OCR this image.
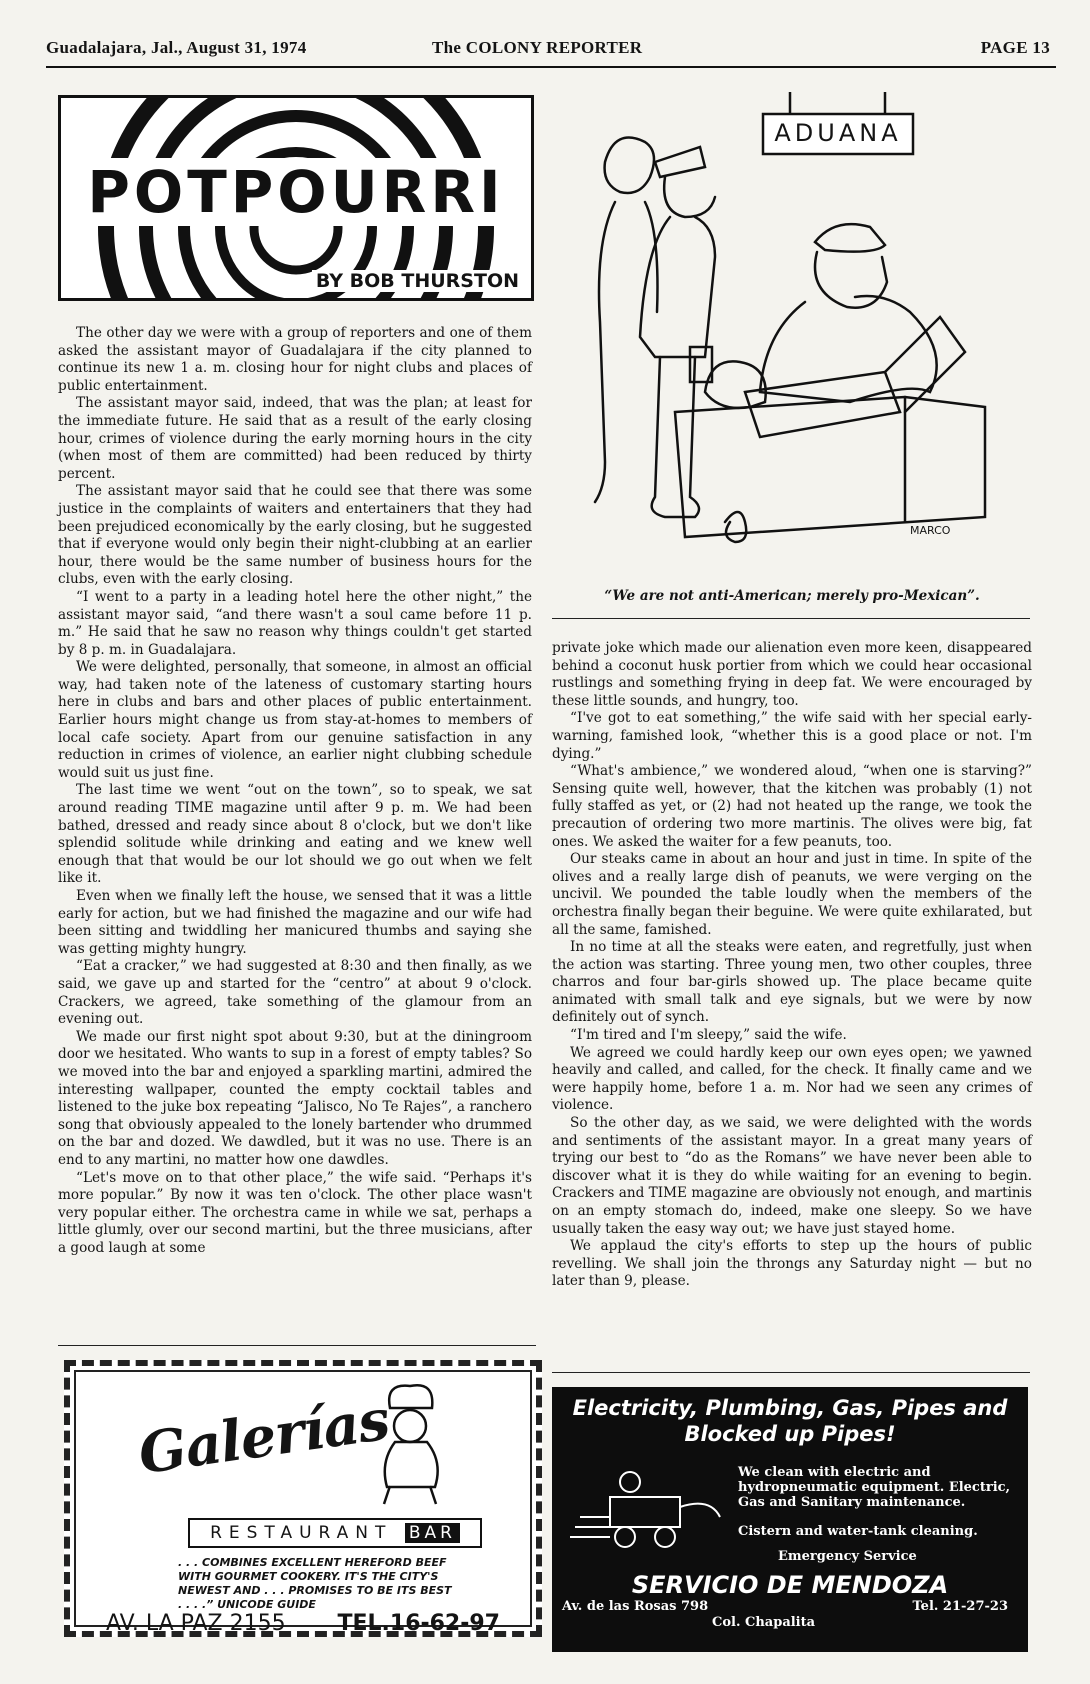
Guadalajara, Jal., August 31, 1974	The COLONY REPORTER	PAGE 13
POTPOURRI
BY BOB THURSTON

The other day we were with a group of reporters and one of them asked the assistant mayor of Guadalajara if the city planned to continue its new 1 a. m. closing hour for night clubs and places of public entertainment.

The assistant mayor said, indeed, that was the plan; at least for the immediate future. He said that as a result of the early closing hour, crimes of violence during the early morning hours in the city (when most of them are committed) had been reduced by thirty percent.

The assistant mayor said that he could see that there was some justice in the complaints of waiters and entertainers that they had been prejudiced economically by the early closing, but he suggested that if everyone would only begin their night-clubbing at an earlier hour, there would be the same number of business hours for the clubs, even with the early closing.

“I went to a party in a leading hotel here the other night,” the assistant mayor said, “and there wasn't a soul came before 11 p. m.” He said that he saw no reason why things couldn't get started by 8 p. m. in Guadalajara.

We were delighted, personally, that someone, in almost an official way, had taken note of the lateness of customary starting hours here in clubs and bars and other places of public entertainment. Earlier hours might change us from stay-at-homes to members of local cafe society. Apart from our genuine satisfaction in any reduction in crimes of violence, an earlier night clubbing schedule would suit us just fine.

The last time we went “out on the town”, so to speak, we sat around reading TIME magazine until after 9 p. m. We had been bathed, dressed and ready since about 8 o'clock, but we don't like splendid solitude while drinking and eating and we knew well enough that that would be our lot should we go out when we felt like it.

Even when we finally left the house, we sensed that it was a little early for action, but we had finished the magazine and our wife had been sitting and twiddling her manicured thumbs and saying she was getting mighty hungry.

“Eat a cracker,” we had suggested at 8:30 and then finally, as we said, we gave up and started for the “centro” at about 9 o'clock. Crackers, we agreed, take something of the glamour from an evening out.

We made our first night spot about 9:30, but at the diningroom door we hesitated. Who wants to sup in a forest of empty tables? So we moved into the bar and enjoyed a sparkling martini, admired the interesting wallpaper, counted the empty cocktail tables and listened to the juke box repeating “Jalisco, No Te Rajes”, a ranchero song that obviously appealed to the lonely bartender who drummed on the bar and dozed. We dawdled, but it was no use. There is an end to any martini, no matter how one dawdles.

“Let's move on to that other place,” the wife said. “Perhaps it's more popular.” By now it was ten o'clock. The other place wasn't very popular either. The orchestra came in while we sat, perhaps a little glumly, over our second martini, but the three musicians, after a good laugh at some

ADUANA
MARCO
“We are not anti-American; merely pro-Mexican”.

private joke which made our alienation even more keen, disappeared behind a coconut husk portier from which we could hear occasional rustlings and something frying in deep fat. We were encouraged by these little sounds, and hungry, too.

“I've got to eat something,” the wife said with her special early-warning, famished look, “whether this is a good place or not. I'm dying.”

“What's ambience,” we wondered aloud, “when one is starving?” Sensing quite well, however, that the kitchen was probably (1) not fully staffed as yet, or (2) had not heated up the range, we took the precaution of ordering two more martinis. The olives were big, fat ones. We asked the waiter for a few peanuts, too.

Our steaks came in about an hour and just in time. In spite of the olives and a really large dish of peanuts, we were verging on the uncivil. We pounded the table loudly when the members of the orchestra finally began their beguine. We were quite exhilarated, but all the same, famished.

In no time at all the steaks were eaten, and regretfully, just when the action was starting. Three young men, two other couples, three charros and four bar-girls showed up. The place became quite animated with small talk and eye signals, but we were by now definitely out of synch.

“I'm tired and I'm sleepy,” said the wife.

We agreed we could hardly keep our own eyes open; we yawned heavily and called, and called, for the check. It finally came and we were happily home, before 1 a. m. Nor had we seen any crimes of violence.

So the other day, as we said, we were delighted with the words and sentiments of the assistant mayor. In a great many years of trying our best to “do as the Romans” we have never been able to discover what it is they do while waiting for an evening to begin. Crackers and TIME magazine are obviously not enough, and martinis on an empty stomach do, indeed, make one sleepy. So we have usually taken the easy way out; we have just stayed home.

We applaud the city's efforts to step up the hours of public revelling. We shall join the throngs any Saturday night — but no later than 9, please.

Galerías
RESTAURANT BAR
. . . COMBINES EXCELLENT HEREFORD BEEF WITH GOURMET COOKERY. IT'S THE CITY'S NEWEST AND . . . PROMISES TO BE ITS BEST . . . .” UNICODE GUIDE
AV. LA PAZ 2155 TEL.16-62-97
Electricity, Plumbing, Gas, Pipes and Blocked up Pipes!
We clean with electric and hydropneumatic equipment. Electric, Gas and Sanitary maintenance.
Cistern and water-tank cleaning.
Emergency Service
SERVICIO DE MENDOZA
Av. de las Rosas 798	Tel. 21-27-23
Col. Chapalita
